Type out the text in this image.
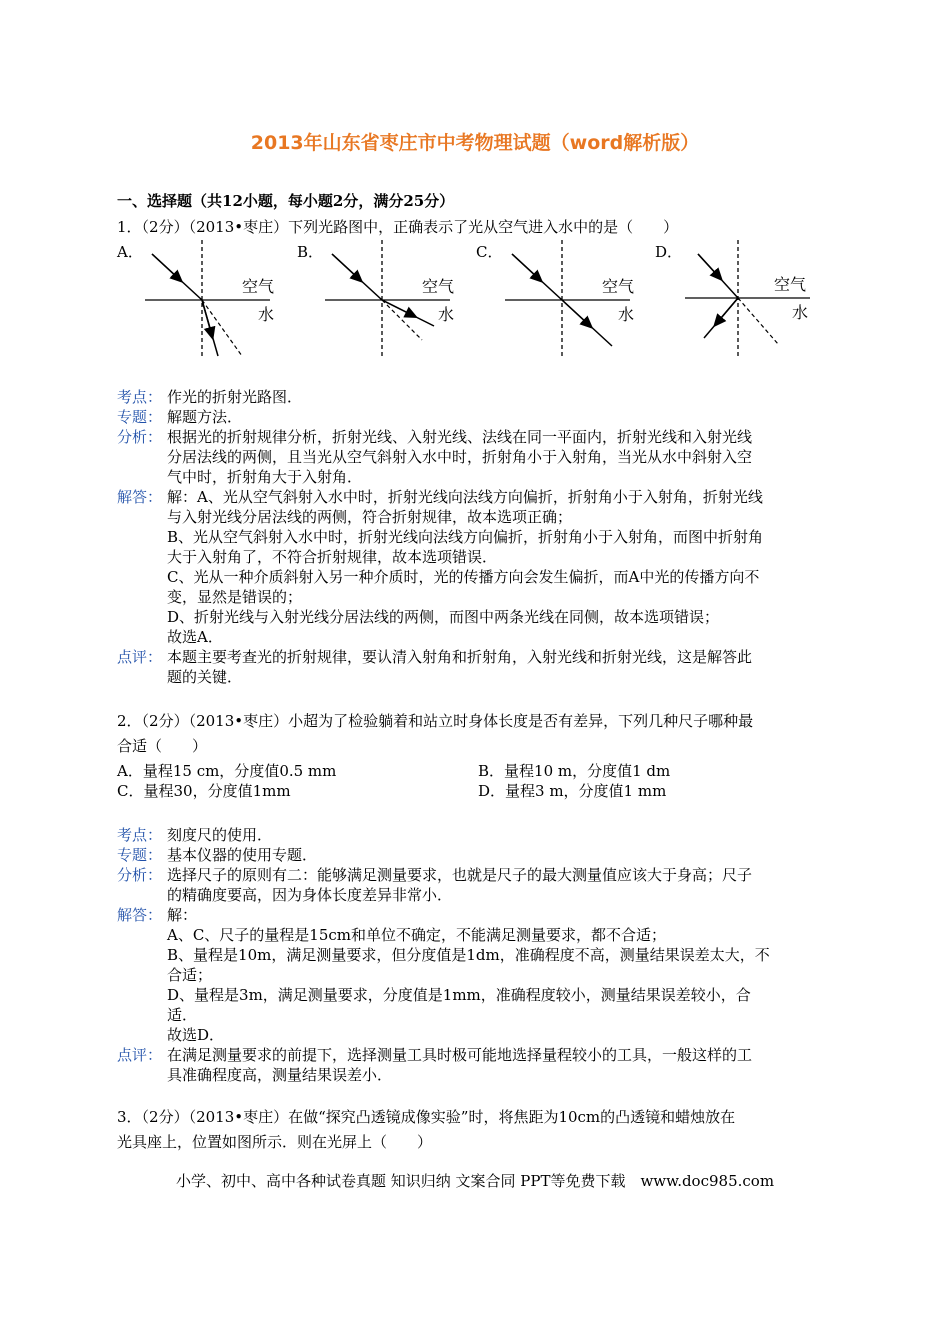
2013年山东省枣庄市中考物理试题（word解析版）
一、选择题（共12小题，每小题2分，满分25分）
1．（2分）（2013•枣庄）下列光路图中，正确表示了光从空气进入水中的是（　　）
A．	B．	C．	D．
空气
水
空气
水
空气
水
空气
水
考点： 作光的折射光路图．
专题： 解题方法．
分析： 根据光的折射规律分析，折射光线、入射光线、法线在同一平面内，折射光线和入射光线
分居法线的两侧，且当光从空气斜射入水中时，折射角小于入射角，当光从水中斜射入空
气中时，折射角大于入射角．
解答： 解：A、光从空气斜射入水中时，折射光线向法线方向偏折，折射角小于入射角，折射光线
与入射光线分居法线的两侧，符合折射规律，故本选项正确；
B、光从空气斜射入水中时，折射光线向法线方向偏折，折射角小于入射角，而图中折射角
大于入射角了，不符合折射规律，故本选项错误．
C、光从一种介质斜射入另一种介质时，光的传播方向会发生偏折，而A中光的传播方向不
变，显然是错误的；
D、折射光线与入射光线分居法线的两侧，而图中两条光线在同侧，故本选项错误；
故选A．
点评： 本题主要考查光的折射规律，要认清入射角和折射角，入射光线和折射光线，这是解答此
题的关键．
2．（2分）（2013•枣庄）小超为了检验躺着和站立时身体长度是否有差异，下列几种尺子哪种最
合适（　　）
A．量程15 cm，分度值0.5 mm	B．量程10 m，分度值1 dm
C．量程30，分度值1mm	D．量程3 m，分度值1 mm
考点： 刻度尺的使用．
专题： 基本仪器的使用专题．
分析： 选择尺子的原则有二：能够满足测量要求，也就是尺子的最大测量值应该大于身高；尺子
的精确度要高，因为身体长度差异非常小．
解答： 解：
A、C、尺子的量程是15cm和单位不确定，不能满足测量要求，都不合适；
B、量程是10m，满足测量要求，但分度值是1dm，准确程度不高，测量结果误差太大，不
合适；
D、量程是3m，满足测量要求，分度值是1mm，准确程度较小，测量结果误差较小，合
适．
故选D．
点评： 在满足测量要求的前提下，选择测量工具时极可能地选择量程较小的工具，一般这样的工
具准确程度高，测量结果误差小．
3．（2分）（2013•枣庄）在做“探究凸透镜成像实验”时，将焦距为10cm的凸透镜和蜡烛放在
光具座上，位置如图所示．则在光屏上（　　）
小学、初中、高中各种试卷真题 知识归纳 文案合同 PPT等免费下载　www.doc985.com
